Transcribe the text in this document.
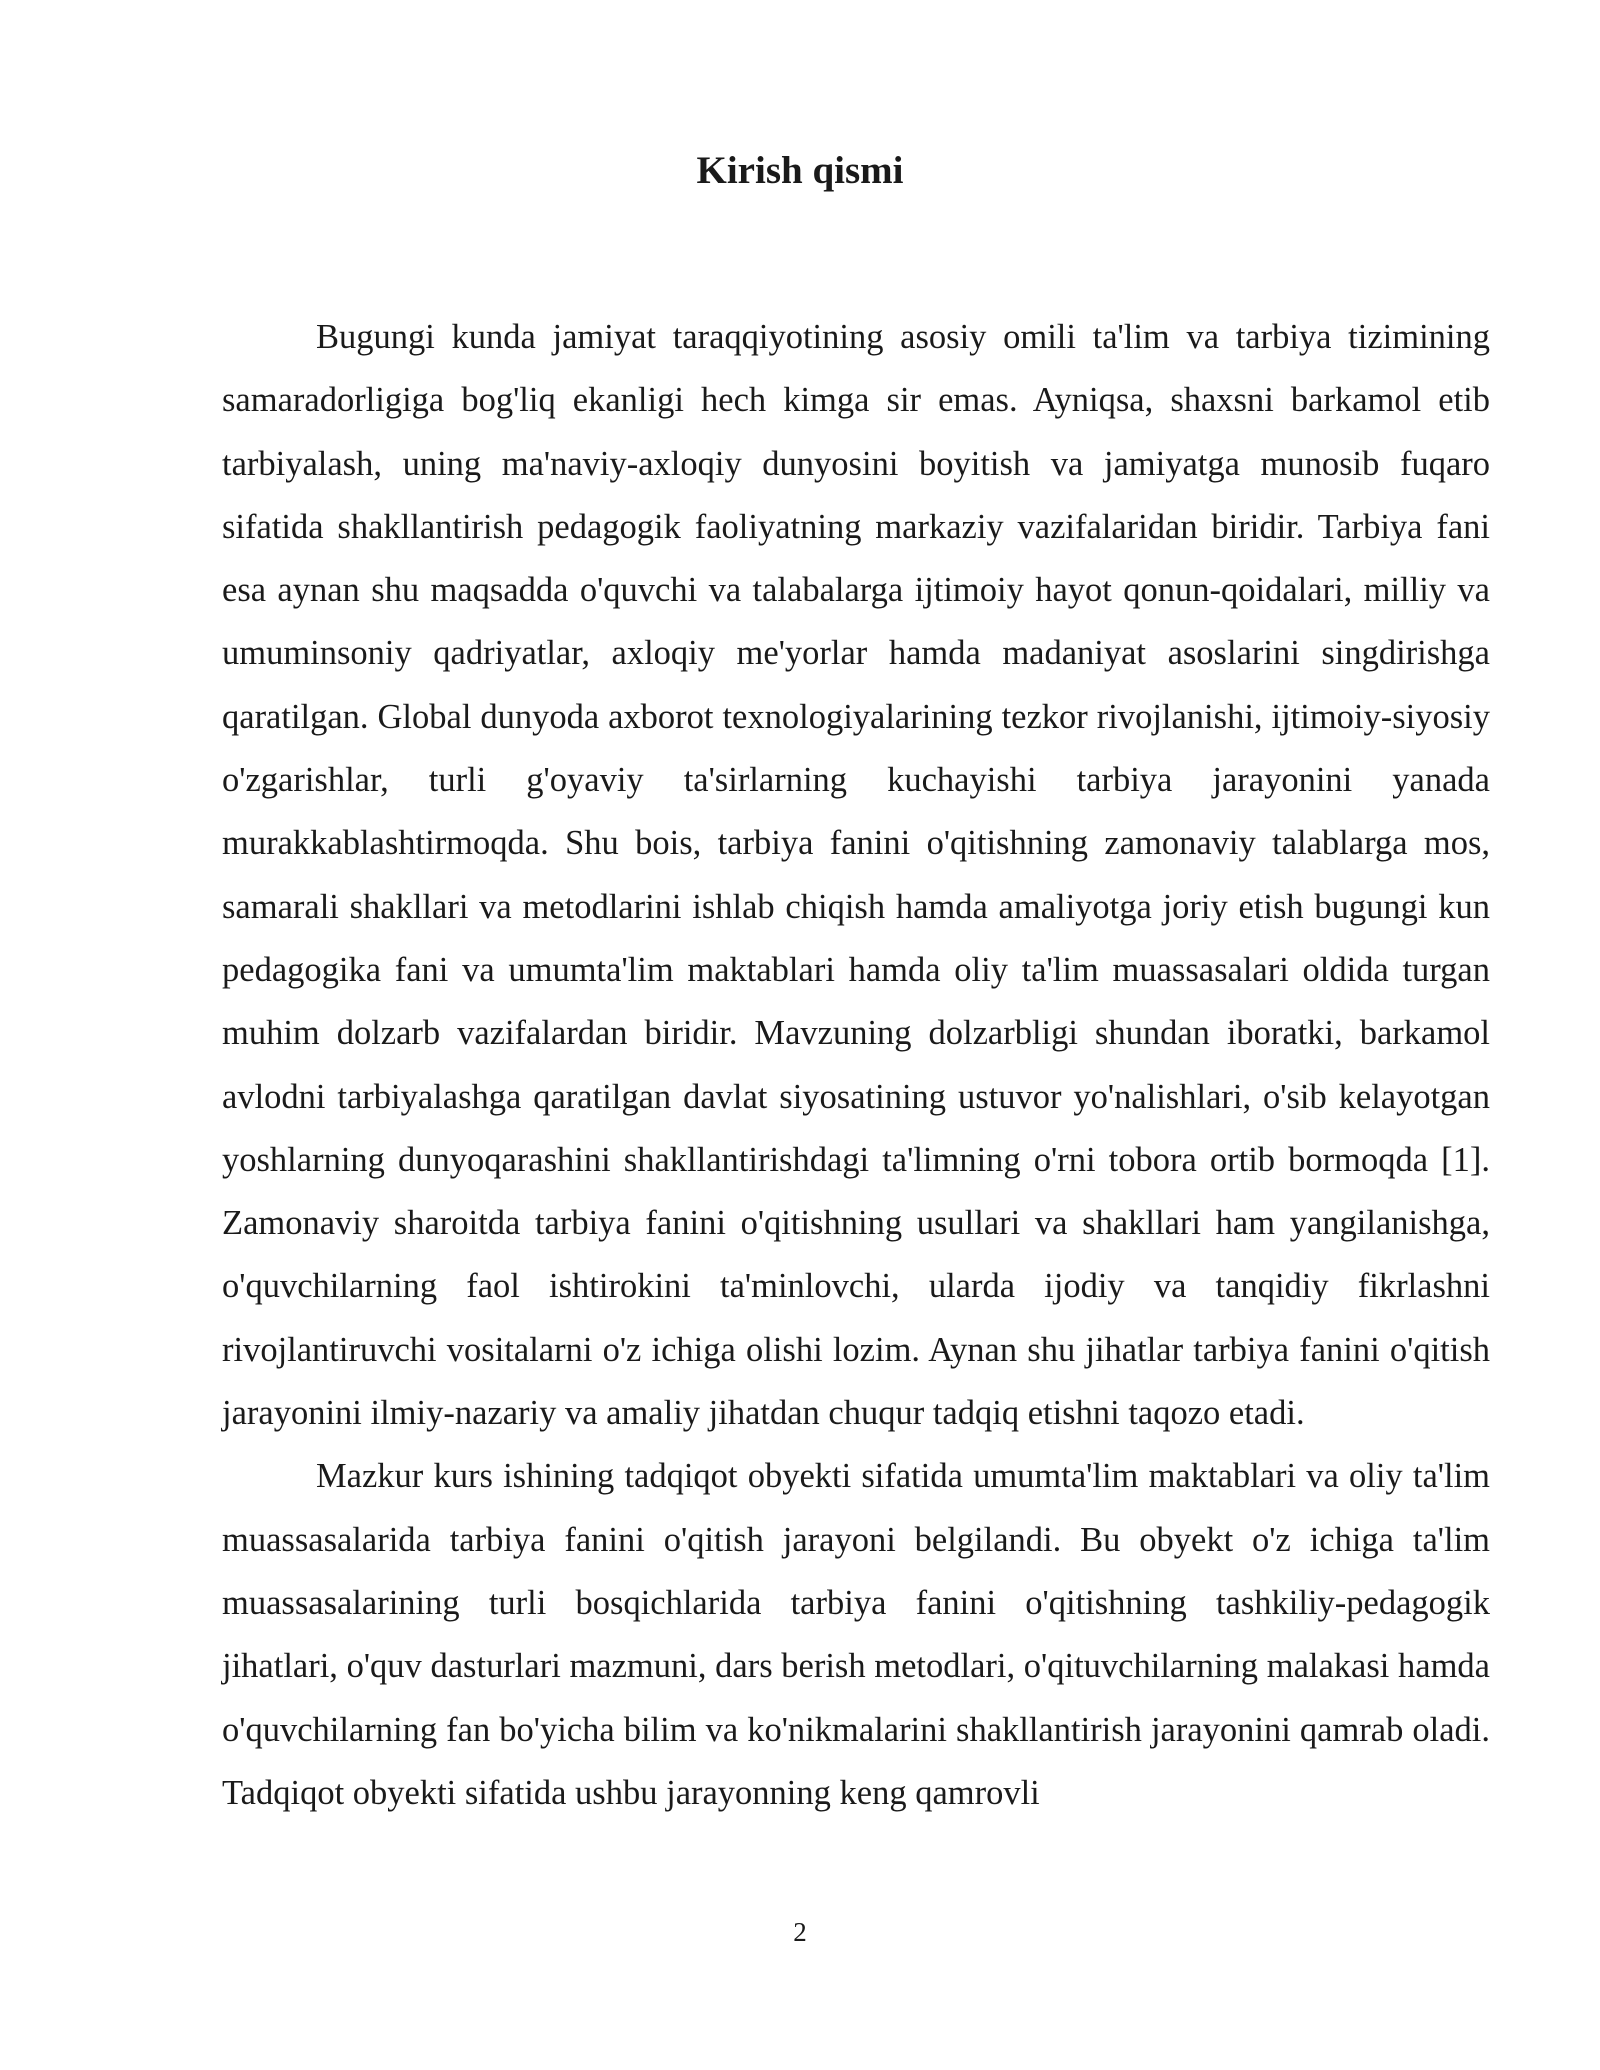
Kirish qismi

Bugungi kunda jamiyat taraqqiyotining asosiy omili ta'lim va tarbiya tizimining samaradorligiga bog'liq ekanligi hech kimga sir emas. Ayniqsa, shaxsni barkamol etib tarbiyalash, uning ma'naviy-axloqiy dunyosini boyitish va jamiyatga munosib fuqaro sifatida shakllantirish pedagogik faoliyatning markaziy vazifalaridan biridir. Tarbiya fani esa aynan shu maqsadda o'quvchi va talabalarga ijtimoiy hayot qonun-qoidalari, milliy va umuminsoniy qadriyatlar, axloqiy me'yorlar hamda madaniyat asoslarini singdirishga qaratilgan. Global dunyoda axborot texnologiyalarining tezkor rivojlanishi, ijtimoiy-siyosiy o'zgarishlar, turli g'oyaviy ta'sirlarning kuchayishi tarbiya jarayonini yanada murakkablashtirmoqda. Shu bois, tarbiya fanini o'qitishning zamonaviy talablarga mos, samarali shakllari va metodlarini ishlab chiqish hamda amaliyotga joriy etish bugungi kun pedagogika fani va umumta'lim maktablari hamda oliy ta'lim muassasalari oldida turgan muhim dolzarb vazifalardan biridir. Mavzuning dolzarbligi shundan iboratki, barkamol avlodni tarbiyalashga qaratilgan davlat siyosatining ustuvor yo'nalishlari, o'sib kelayotgan yoshlarning dunyoqarashini shakllantirishdagi ta'limning o'rni tobora ortib bormoqda [1]. Zamonaviy sharoitda tarbiya fanini o'qitishning usullari va shakllari ham yangilanishga, o'quvchilarning faol ishtirokini ta'minlovchi, ularda ijodiy va tanqidiy fikrlashni rivojlantiruvchi vositalarni o'z ichiga olishi lozim. Aynan shu jihatlar tarbiya fanini o'qitish jarayonini ilmiy-nazariy va amaliy jihatdan chuqur tadqiq etishni taqozo etadi.

Mazkur kurs ishining tadqiqot obyekti sifatida umumta'lim maktablari va oliy ta'lim muassasalarida tarbiya fanini o'qitish jarayoni belgilandi. Bu obyekt o'z ichiga ta'lim muassasalarining turli bosqichlarida tarbiya fanini o'qitishning tashkiliy-pedagogik jihatlari, o'quv dasturlari mazmuni, dars berish metodlari, o'qituvchilarning malakasi hamda o'quvchilarning fan bo'yicha bilim va ko'nikmalarini shakllantirish jarayonini qamrab oladi. Tadqiqot obyekti sifatida ushbu jarayonning keng qamrovli

2
